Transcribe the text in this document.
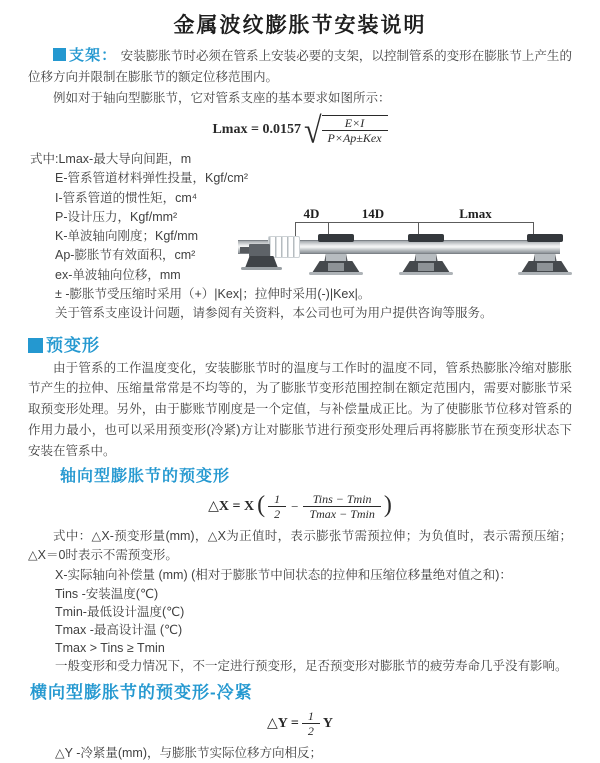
金属波纹膨胀节安装说明

支架： 安装膨胀节时必须在管系上安装必要的支架，以控制管系的变形在膨胀节上产生的位移方向并限制在膨胀节的额定位移范围内。

例如对于轴向型膨胀节，它对管系支座的基本要求如图所示：

Lmax = 0.0157 √ $\frac{E\times I}{\text{P×Ap±Kex}}$
式中:Lmax-最大导向间距，m
E-管系管道材料弹性投量，Kgf/cm²
I-管系管道的惯性矩，cm⁴
P-设计压力，Kgf/mm²
K-单波轴向刚度；Kgf/mm
Ap-膨胀节有效面积，cm²
ex-单波轴向位移，mm
± -膨胀节受压缩时采用（+）|Kex|；拉伸时采用(-)|Kex|。
关于管系支座设计问题，请参阅有关资料，本公司也可为用户提供咨询等服务。
4D	14D	Lmax
预变形

由于管系的工作温度变化，安装膨胀节时的温度与工作时的温度不同，管系热膨胀冷缩对膨胀节产生的拉伸、压缩量常常是不均等的，为了膨胀节变形范围控制在额定范围内，需要对膨胀节采取预变形处理。另外，由于膨账节刚度是一个定值，与补偿量成正比。为了使膨胀节位移对管系的作用力最小，也可以采用预变形(冷紧)方让对膨胀节进行预变形处理后再将膨胀节在预变形状态下安装在管系中。

轴向型膨胀节的预变形
△X = X ( $\frac{1}{2} - \frac{\text{Tins − Tmin}}{Tmax - Tmin}$ )

式中：△X-预变形量(mm)，△X为正值时，表示膨张节需预拉伸；为负值时，表示需预压缩；△X＝0时表示不需预变形。

X-实际轴向补偿量 (mm) (相对于膨胀节中间状态的拉伸和压缩位移量绝对值之和)：
Tins -安装温度(℃)
Tmin-最低设计温度(℃)
Tmax -最高设计温 (℃)
Tmax > Tins ≥ Tmin
一般变形和受力情况下，不一定进行预变形，足否预变形对膨胀节的疲劳寿命几乎没有影响。
横向型膨胀节的预变形-冷紧
△Y = $\frac{1}{2}$ Y
△Y -冷紧量(mm)，与膨胀节实际位移方向相反；
